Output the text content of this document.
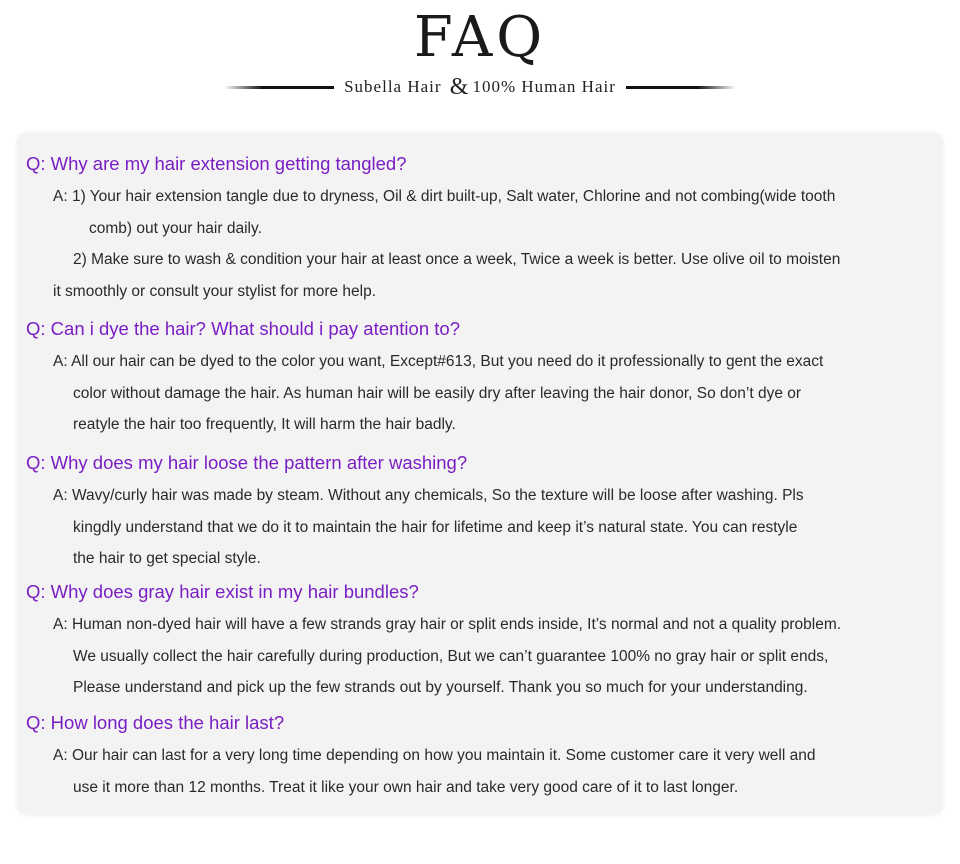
FAQ
Subella Hair & 100% Human Hair

Q: Why are my hair extension getting tangled?

A: 1) Your hair extension tangle due to dryness, Oil & dirt built-up, Salt water, Chlorine and not combing(wide tooth
comb) out your hair daily.
2) Make sure to wash & condition your hair at least once a week, Twice a week is better. Use olive oil to moisten
it smoothly or consult your stylist for more help.

Q: Can i dye the hair? What should i pay atention to?

A: All our hair can be dyed to the color you want, Except#613, But you need do it professionally to gent the exact
color without damage the hair. As human hair will be easily dry after leaving the hair donor, So don’t dye or
reatyle the hair too frequently, It will harm the hair badly.

Q: Why does my hair loose the pattern after washing?

A: Wavy/curly hair was made by steam. Without any chemicals, So the texture will be loose after washing. Pls
kingdly understand that we do it to maintain the hair for lifetime and keep it’s natural state. You can restyle
the hair to get special style.

Q: Why does gray hair exist in my hair bundles?

A: Human non-dyed hair will have a few strands gray hair or split ends inside, It’s normal and not a quality problem.
We usually collect the hair carefully during production, But we can’t guarantee 100% no gray hair or split ends,
Please understand and pick up the few strands out by yourself. Thank you so much for your understanding.

Q: How long does the hair last?

A: Our hair can last for a very long time depending on how you maintain it. Some customer care it very well and
use it more than 12 months. Treat it like your own hair and take very good care of it to last longer.
